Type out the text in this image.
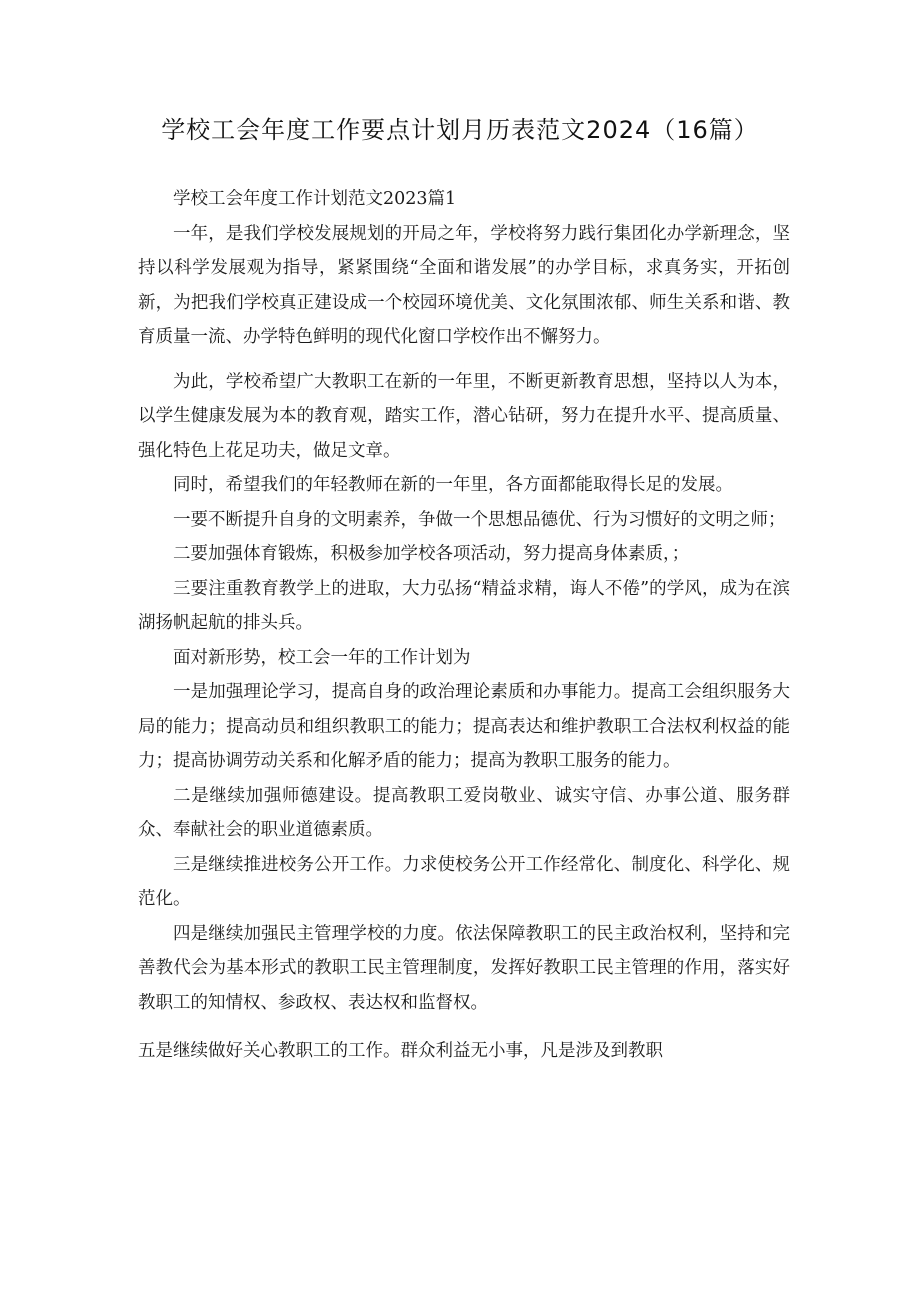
学校工会年度工作要点计划月历表范文2024（16篇）

学校工会年度工作计划范文2023篇1

一年，是我们学校发展规划的开局之年，学校将努力践行集团化办学新理念，坚持以科学发展观为指导，紧紧围绕“全面和谐发展”的办学目标，求真务实，开拓创新，为把我们学校真正建设成一个校园环境优美、文化氛围浓郁、师生关系和谐、教育质量一流、办学特色鲜明的现代化窗口学校作出不懈努力。

为此，学校希望广大教职工在新的一年里，不断更新教育思想，坚持以人为本，以学生健康发展为本的教育观，踏实工作，潜心钻研，努力在提升水平、提高质量、强化特色上花足功夫，做足文章。

同时，希望我们的年轻教师在新的一年里，各方面都能取得长足的发展。

一要不断提升自身的文明素养，争做一个思想品德优、行为习惯好的文明之师；

二要加强体育锻炼，积极参加学校各项活动，努力提高身体素质，；

三要注重教育教学上的进取，大力弘扬“精益求精，诲人不倦”的学风，成为在滨湖扬帆起航的排头兵。

面对新形势，校工会一年的工作计划为

一是加强理论学习，提高自身的政治理论素质和办事能力。提高工会组织服务大局的能力；提高动员和组织教职工的能力；提高表达和维护教职工合法权利权益的能力；提高协调劳动关系和化解矛盾的能力；提高为教职工服务的能力。

二是继续加强师德建设。提高教职工爱岗敬业、诚实守信、办事公道、服务群众、奉献社会的职业道德素质。

三是继续推进校务公开工作。力求使校务公开工作经常化、制度化、科学化、规范化。

四是继续加强民主管理学校的力度。依法保障教职工的民主政治权利，坚持和完善教代会为基本形式的教职工民主管理制度，发挥好教职工民主管理的作用，落实好教职工的知情权、参政权、表达权和监督权。

五是继续做好关心教职工的工作。群众利益无小事，凡是涉及到教职
